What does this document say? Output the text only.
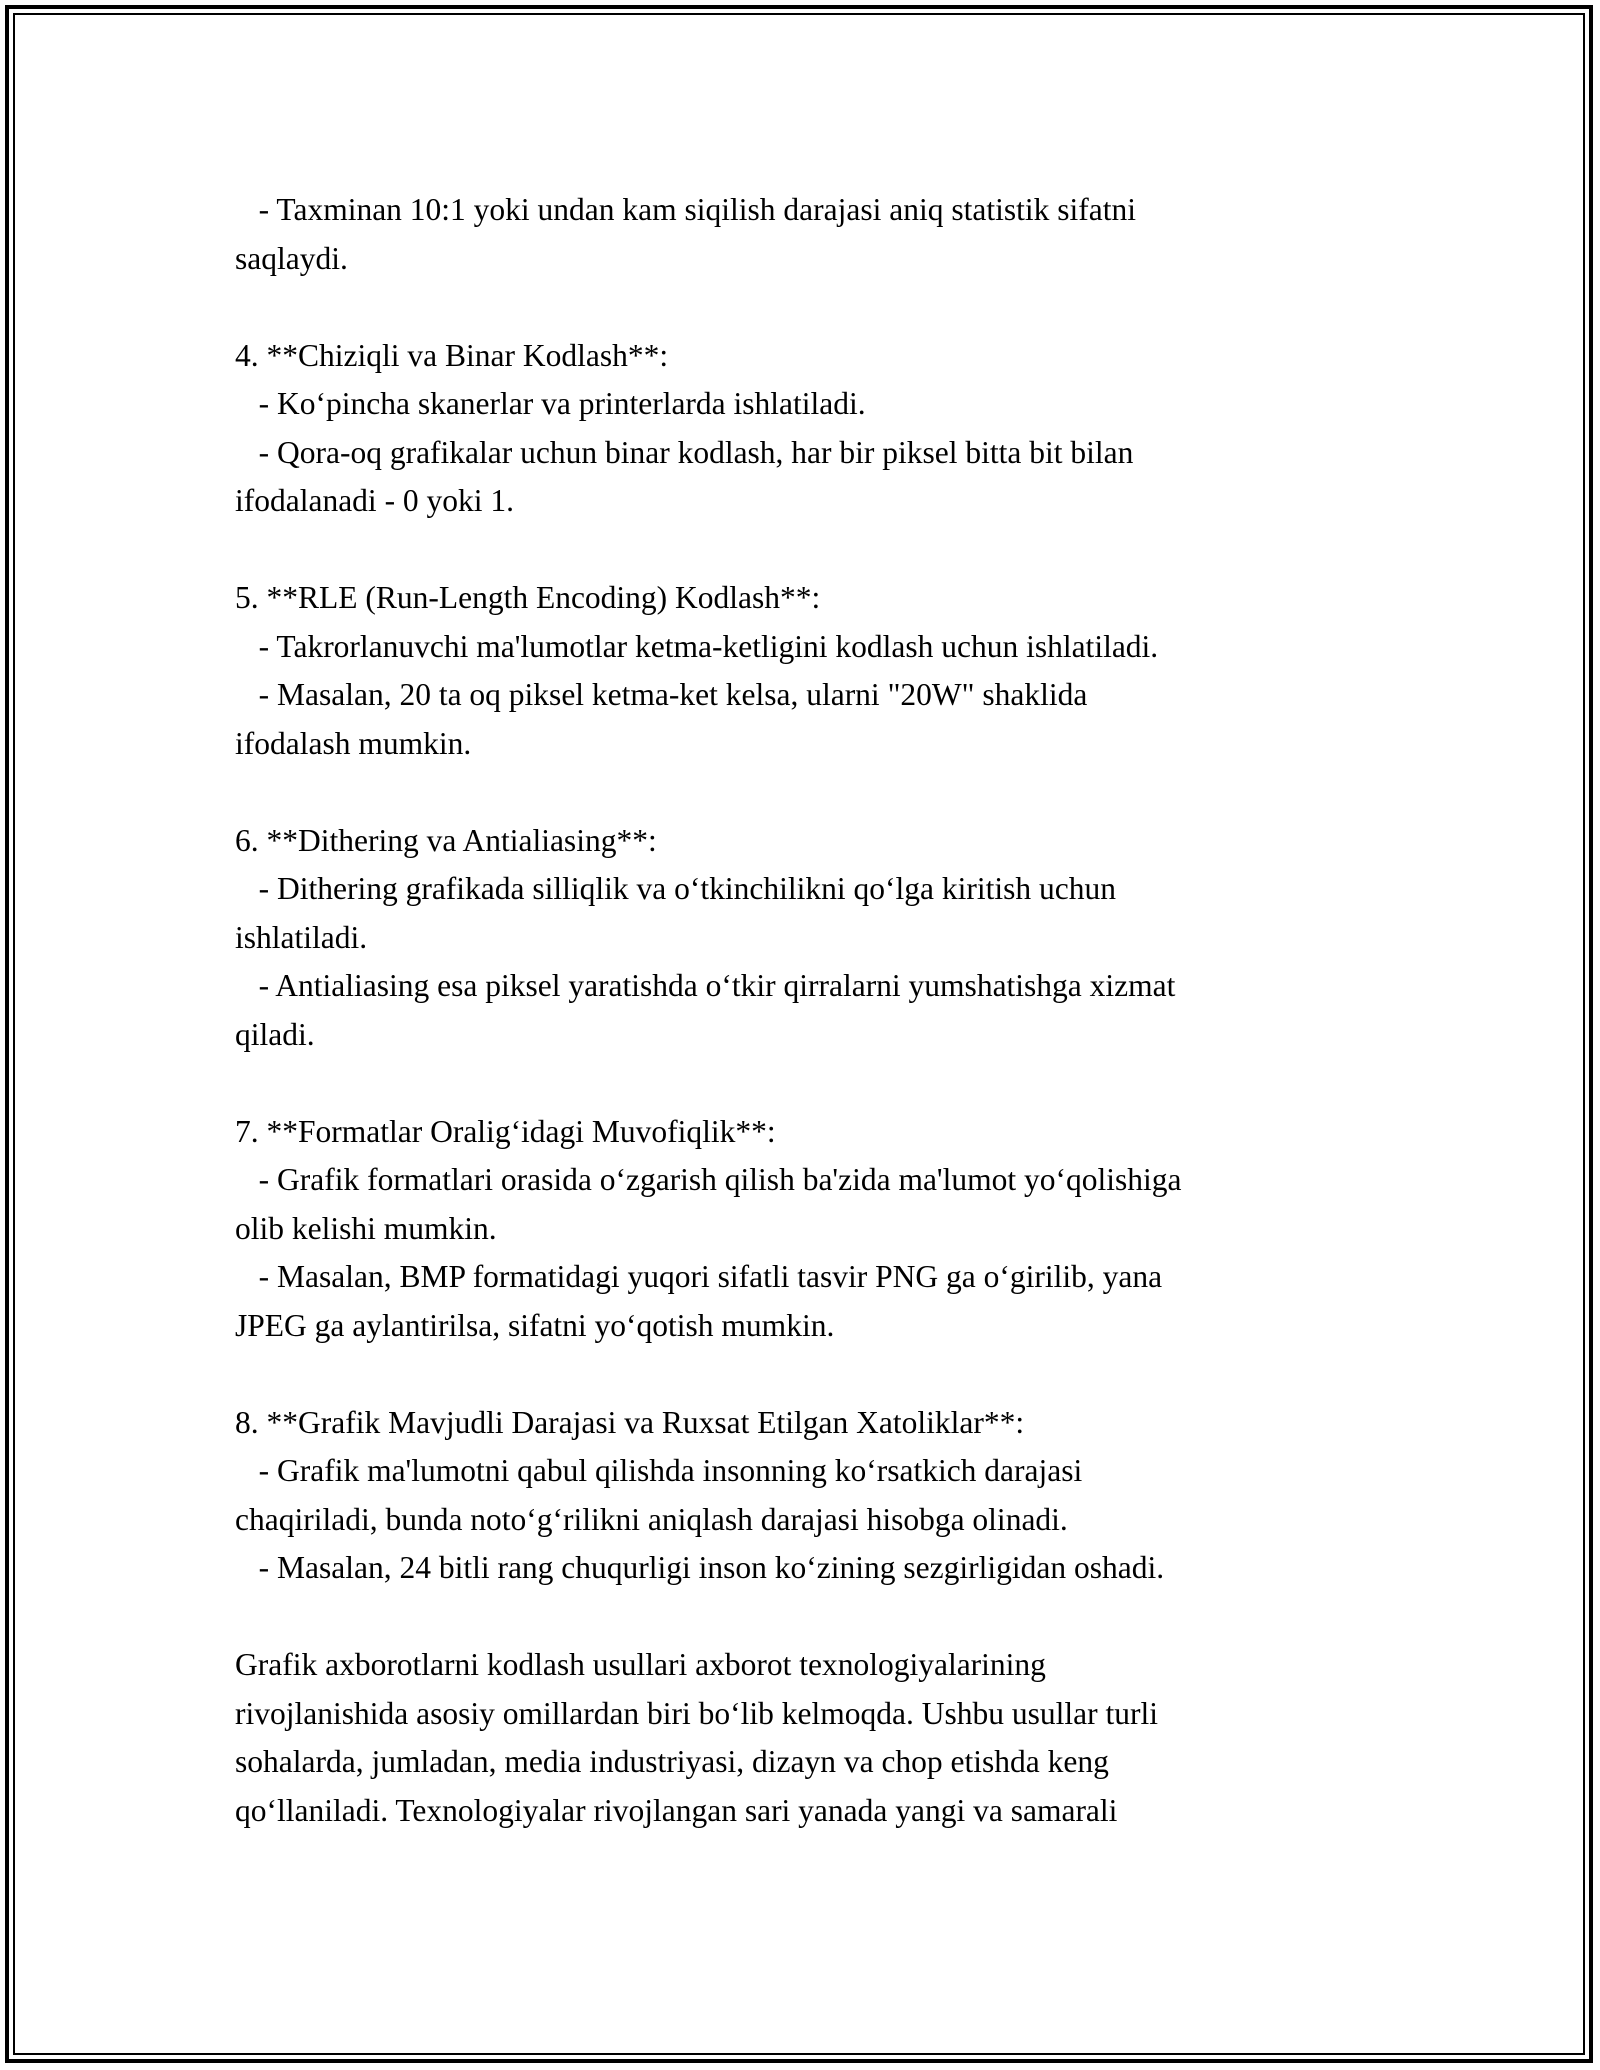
- Taxminan 10:1 yoki undan kam siqilish darajasi aniq statistik sifatni
saqlaydi.
4. **Chiziqli va Binar Kodlash**:
- Koʻpincha skanerlar va printerlarda ishlatiladi.
- Qora-oq grafikalar uchun binar kodlash, har bir piksel bitta bit bilan
ifodalanadi - 0 yoki 1.
5. **RLE (Run-Length Encoding) Kodlash**:
- Takrorlanuvchi ma'lumotlar ketma-ketligini kodlash uchun ishlatiladi.
- Masalan, 20 ta oq piksel ketma-ket kelsa, ularni "20W" shaklida
ifodalash mumkin.
6. **Dithering va Antialiasing**:
- Dithering grafikada silliqlik va oʻtkinchilikni qoʻlga kiritish uchun
ishlatiladi.
- Antialiasing esa piksel yaratishda oʻtkir qirralarni yumshatishga xizmat
qiladi.
7. **Formatlar Oraligʻidagi Muvofiqlik**:
- Grafik formatlari orasida oʻzgarish qilish ba'zida ma'lumot yoʻqolishiga
olib kelishi mumkin.
- Masalan, BMP formatidagi yuqori sifatli tasvir PNG ga oʻgirilib, yana
JPEG ga aylantirilsa, sifatni yoʻqotish mumkin.
8. **Grafik Mavjudli Darajasi va Ruxsat Etilgan Xatoliklar**:
- Grafik ma'lumotni qabul qilishda insonning koʻrsatkich darajasi
chaqiriladi, bunda notoʻgʻrilikni aniqlash darajasi hisobga olinadi.
- Masalan, 24 bitli rang chuqurligi inson koʻzining sezgirligidan oshadi.
Grafik axborotlarni kodlash usullari axborot texnologiyalarining
rivojlanishida asosiy omillardan biri boʻlib kelmoqda. Ushbu usullar turli
sohalarda, jumladan, media industriyasi, dizayn va chop etishda keng
qoʻllaniladi. Texnologiyalar rivojlangan sari yanada yangi va samarali
